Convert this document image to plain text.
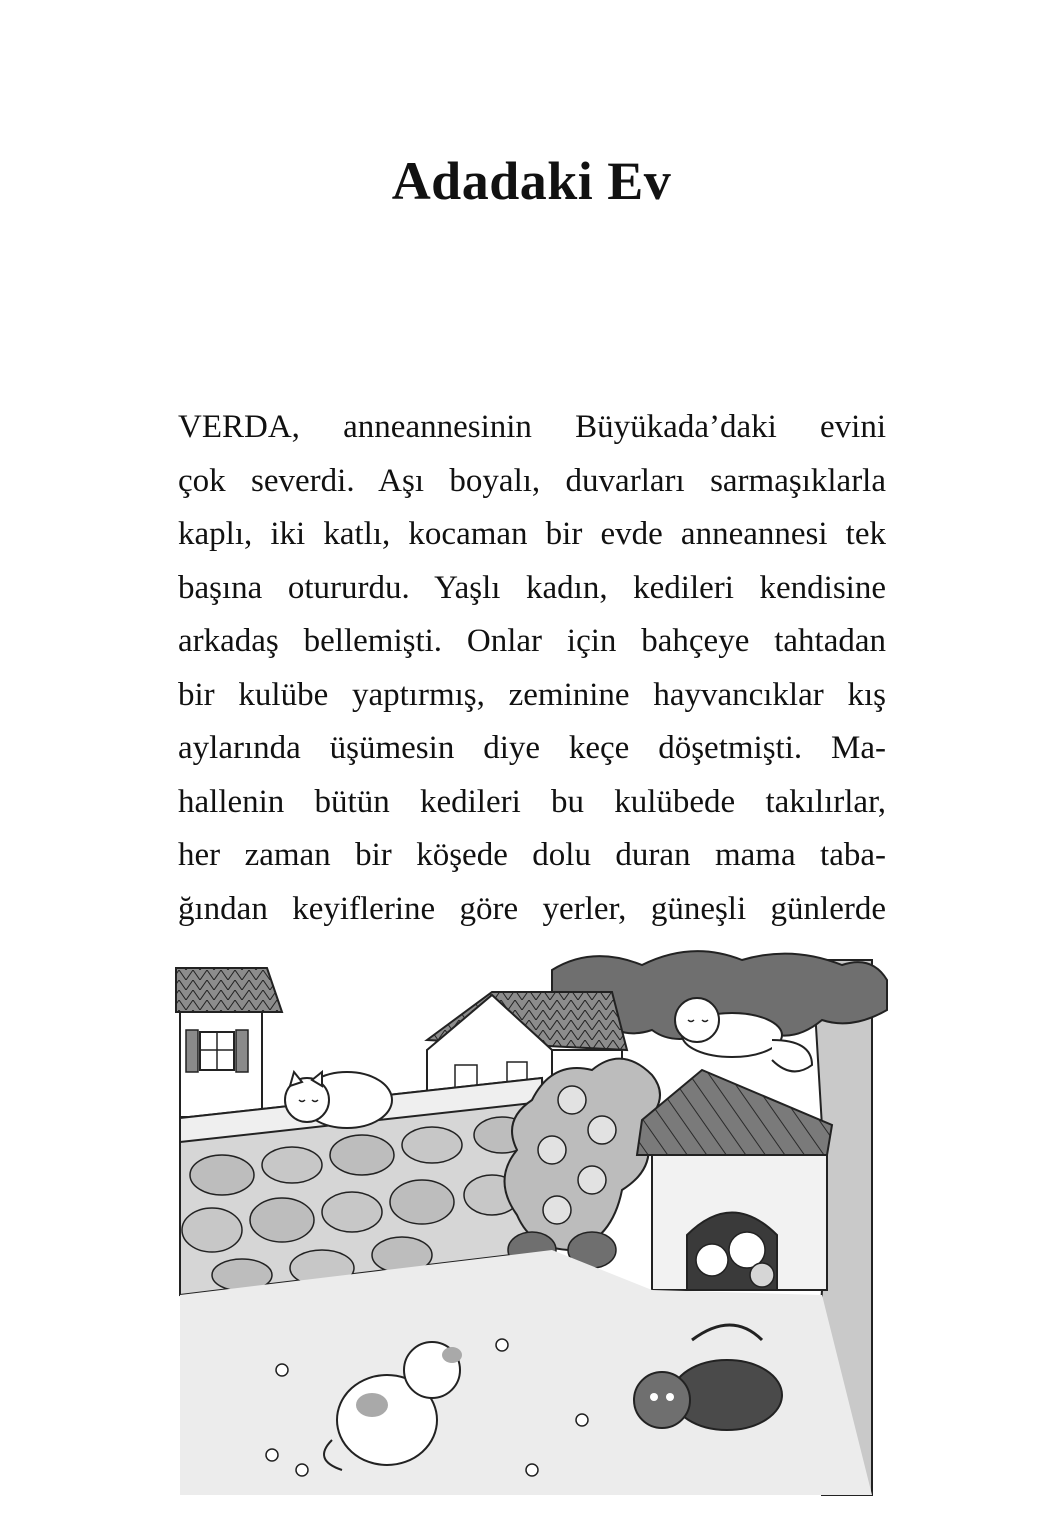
Adadaki Ev
VERDA, anneannesinin Büyükada’daki evini
çok severdi. Aşı boyalı, duvarları sarmaşıklarla
kaplı, iki katlı, kocaman bir evde anneannesi tek
başına otururdu. Yaşlı kadın, kedileri kendisine
arkadaş bellemişti. Onlar için bahçeye tahtadan
bir kulübe yaptırmış, zeminine hayvancıklar kış
aylarında üşümesin diye keçe döşetmişti. Ma-
hallenin bütün kedileri bu kulübede takılırlar,
her zaman bir köşede dolu duran mama taba-
ğından keyiflerine göre yerler, güneşli günlerde
